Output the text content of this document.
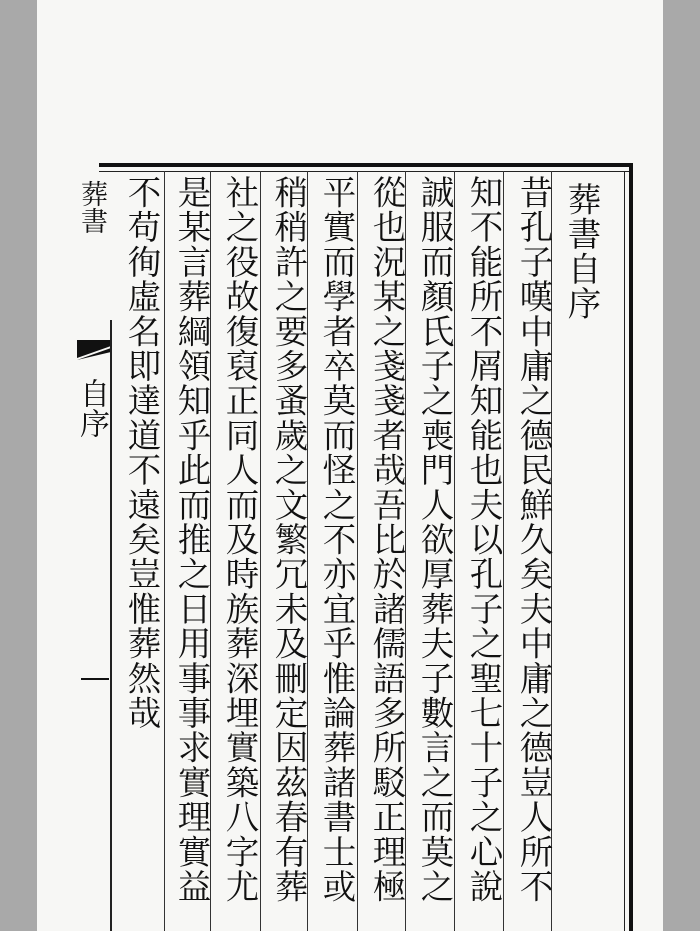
葬書
自序
葬書自序
昔孔子嘆中庸之德民鮮久矣夫中庸之德豈人所不
知不能所不屑知能也夫以孔子之聖七十子之心說
誠服而顏氏子之喪門人欲厚葬夫子數言之而莫之
從也況某之戔戔者哉吾比於諸儒語多所駁正理極
平實而學者卒莫而怪之不亦宜乎惟論葬諸書士或
稍稍許之要多蚤歲之文繁冗未及刪定因茲春有葬
社之役故復裒正同人而及時族葬深埋實築八字尤
是某言葬綱領知乎此而推之日用事事求實理實益
不苟徇虛名即達道不遠矣豈惟葬然哉
